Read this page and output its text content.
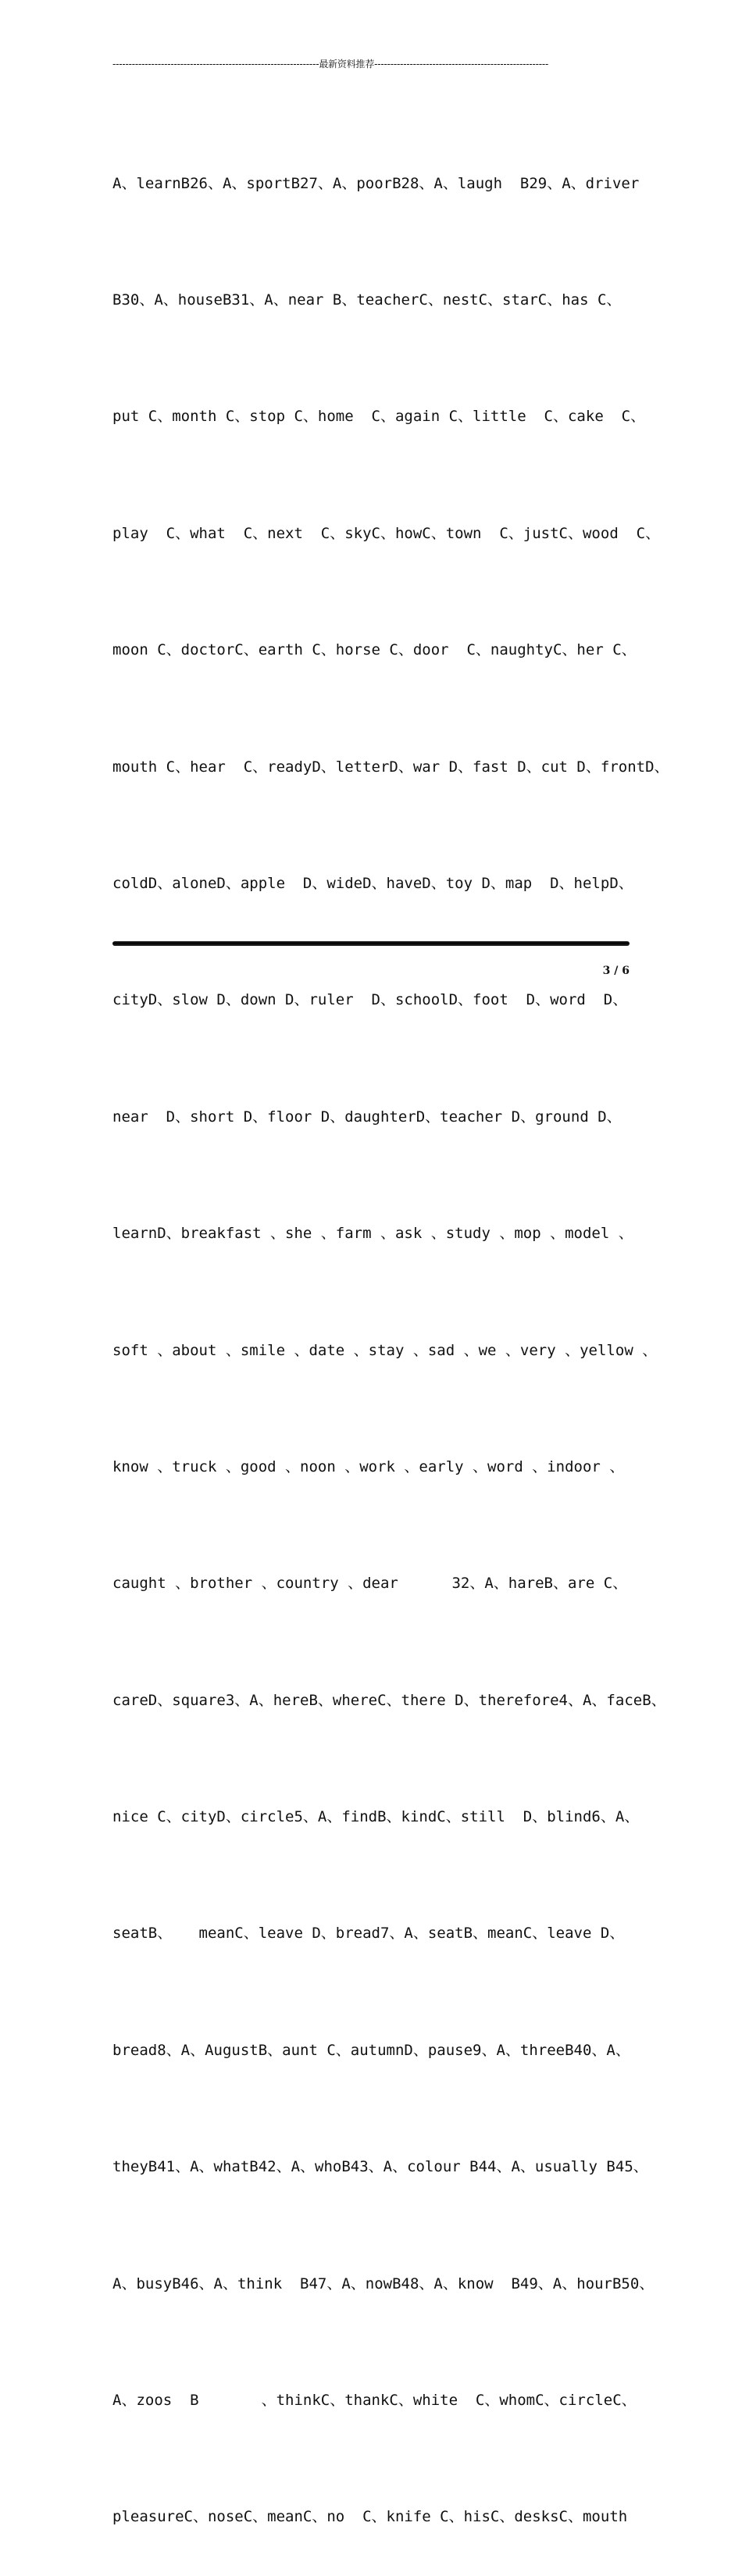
----------------------------------------------------------------最新资料推荐------------------------------------------------------

A、learnB26、A、sportB27、A、poorB28、A、laugh  B29、A、driver

B30、A、houseB31、A、near B、teacherC、nestC、starC、has C、

put C、month C、stop C、home  C、again C、little  C、cake  C、

play  C、what  C、next  C、skyC、howC、town  C、justC、wood  C、

moon C、doctorC、earth C、horse C、door  C、naughtyC、her C、

mouth C、hear  C、readyD、letterD、war D、fast D、cut D、frontD、

coldD、aloneD、apple  D、wideD、haveD、toy D、map  D、helpD、

cityD、slow D、down D、ruler  D、schoolD、foot  D、word  D、

near  D、short D、floor D、daughterD、teacher D、ground D、

learnD、breakfast 、she 、farm 、ask 、study 、mop 、model 、

soft 、about 、smile 、date 、stay 、sad 、we 、very 、yellow 、

know 、truck 、good 、noon 、work 、early 、word 、indoor 、

caught 、brother 、country 、dear      32、A、hareB、are C、

careD、square3、A、hereB、whereC、there D、therefore4、A、faceB、

nice C、cityD、circle5、A、findB、kindC、still  D、blind6、A、

seatB、   meanC、leave D、bread7、A、seatB、meanC、leave D、

bread8、A、AugustB、aunt C、autumnD、pause9、A、threeB40、A、

theyB41、A、whatB42、A、whoB43、A、colour B44、A、usually B45、

A、busyB46、A、think  B47、A、nowB48、A、know  B49、A、hourB50、

A、zoos  B       、thinkC、thankC、white  C、whomC、circleC、

pleasureC、noseC、meanC、no  C、knife C、hisC、desksC、mouth

3 / 6
